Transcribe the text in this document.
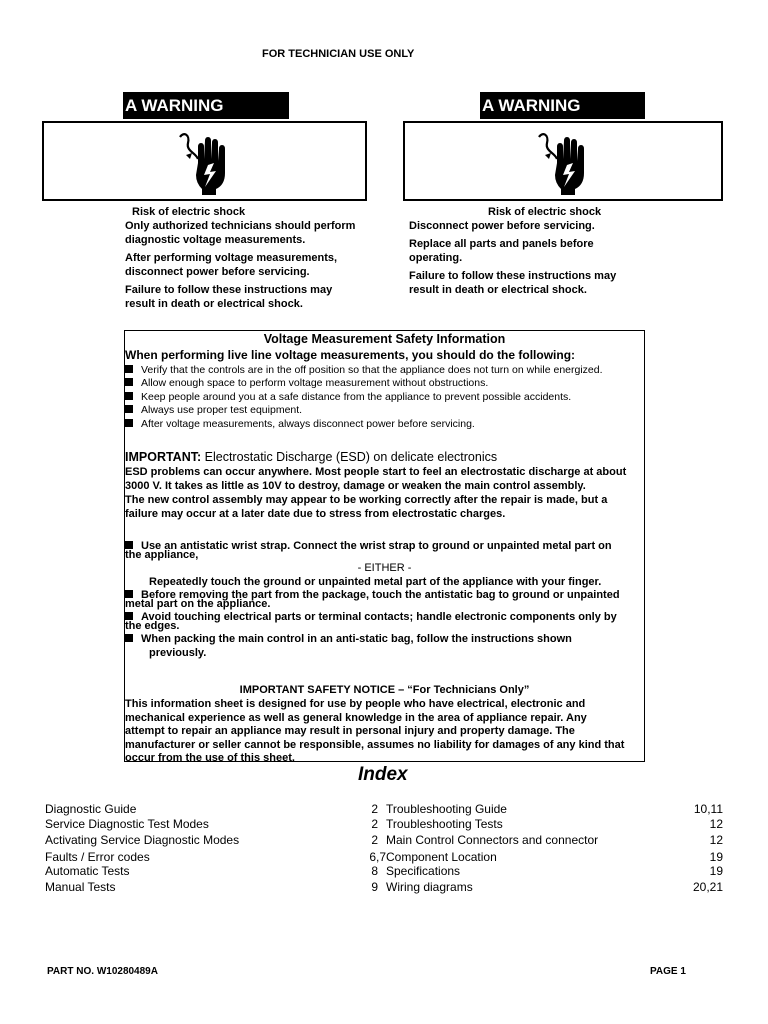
FOR TECHNICIAN USE ONLY
A WARNING
Risk of electric shock

Only authorized technicians should perform diagnostic voltage measurements.

After performing voltage measurements, disconnect power before servicing.

Failure to follow these instructions may result in death or electrical shock.

A WARNING
Risk of electric shock

Disconnect power before servicing.

Replace all parts and panels before operating.

Failure to follow these instructions may result in death or electrical shock.

Voltage Measurement Safety Information
When performing live line voltage measurements, you should do the following:
Verify that the controls are in the off position so that the appliance does not turn on while energized.
Allow enough space to perform voltage measurement without obstructions.
Keep people around you at a safe distance from the appliance to prevent possible accidents.
Always use proper test equipment.
After voltage measurements, always disconnect power before servicing.
IMPORTANT: Electrostatic Discharge (ESD) on delicate electronics
ESD problems can occur anywhere. Most people start to feel an electrostatic discharge at about
3000 V. It takes as little as 10V to destroy, damage or weaken the main control assembly.
The new control assembly may appear to be working correctly after the repair is made, but a
failure may occur at a later date due to stress from electrostatic charges.
Use an antistatic wrist strap. Connect the wrist strap to ground or unpainted metal part on
the appliance,
- EITHER -
Repeatedly touch the ground or unpainted metal part of the appliance with your finger.
Before removing the part from the package, touch the antistatic bag to ground or unpainted
metal part on the appliance.
Avoid touching electrical parts or terminal contacts; handle electronic components only by
the edges.
When packing the main control in an anti-static bag, follow the instructions shown
previously.
IMPORTANT SAFETY NOTICE – “For Technicians Only”
This information sheet is designed for use by people who have electrical, electronic and
mechanical experience as well as general knowledge in the area of appliance repair. Any
attempt to repair an appliance may result in personal injury and property damage. The
manufacturer or seller cannot be responsible, assumes no liability for damages of any kind that
occur from the use of this sheet.
Index
Diagnostic Guide	2
Service Diagnostic Test Modes	2
Activating Service Diagnostic Modes	2
Faults / Error codes	6,7
Automatic Tests	8
Manual Tests	9
Troubleshooting Guide	10,11
Troubleshooting Tests	12
Main Control Connectors and connector	12
Component Location	19
Specifications	19
Wiring diagrams	20,21
PART NO. W10280489A	PAGE 1
